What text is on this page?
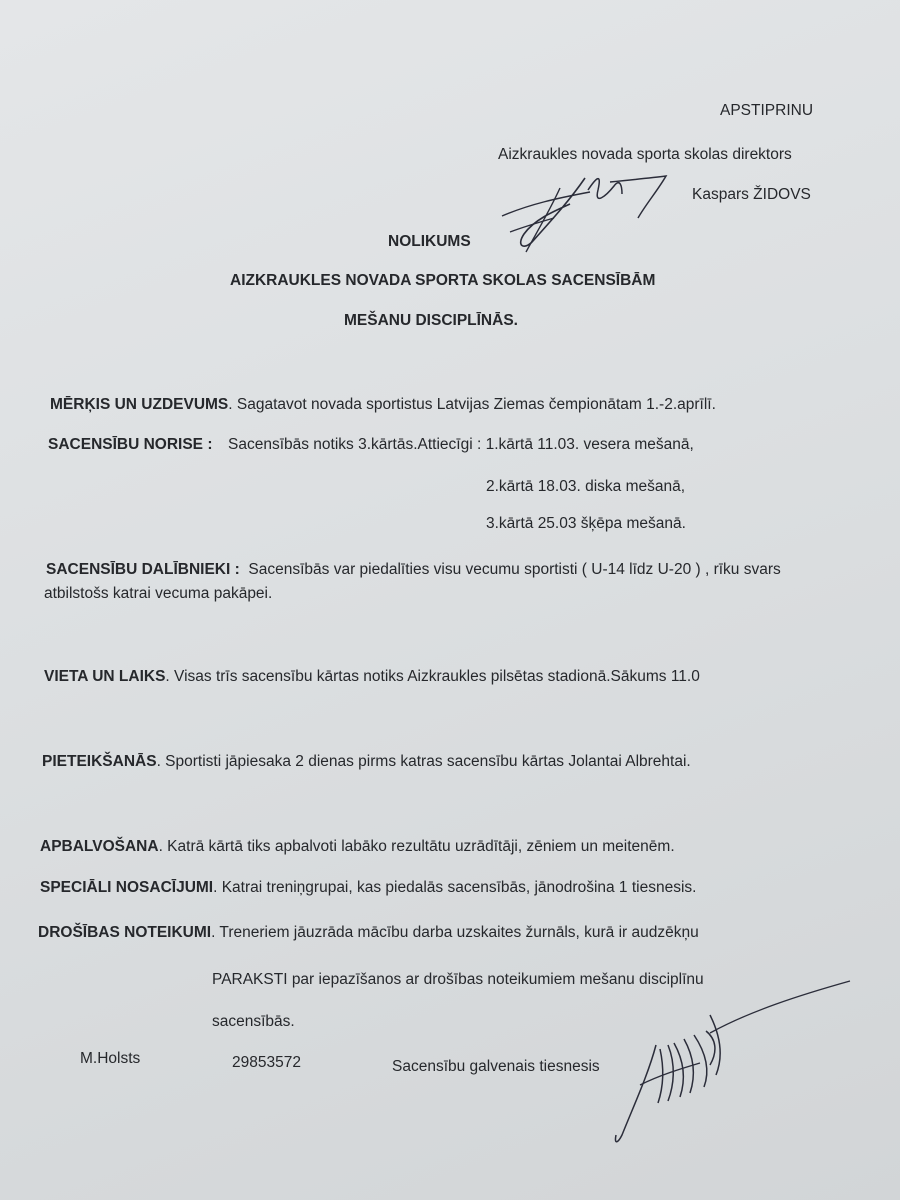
APSTIPRINU
Aizkraukles novada sporta skolas direktors
Kaspars ŽIDOVS
NOLIKUMS
AIZKRAUKLES NOVADA SPORTA SKOLAS SACENSĪBĀM
MEŠANU DISCIPLĪNĀS.
MĒRĶIS UN UZDEVUMS. Sagatavot novada sportistus Latvijas Ziemas čempionātam 1.-2.aprīlī.
SACENSĪBU NORISE : Sacensībās notiks 3.kārtās.Attiecīgi : 1.kārtā 11.03. vesera mešanā,
2.kārtā 18.03. diska mešanā,
3.kārtā 25.03 šķēpa mešanā.
SACENSĪBU DALĪBNIEKI : Sacensībās var piedalīties visu vecumu sportisti ( U-14 līdz U-20 ) , rīku svars
atbilstošs katrai vecuma pakāpei.
VIETA UN LAIKS. Visas trīs sacensību kārtas notiks Aizkraukles pilsētas stadionā.Sākums 11.0
PIETEIKŠANĀS. Sportisti jāpiesaka 2 dienas pirms katras sacensību kārtas Jolantai Albrehtai.
APBALVOŠANA. Katrā kārtā tiks apbalvoti labāko rezultātu uzrādītāji, zēniem un meitenēm.
SPECIĀLI NOSACĪJUMI. Katrai treniņgrupai, kas piedalās sacensībās, jānodrošina 1 tiesnesis.
DROŠĪBAS NOTEIKUMI. Treneriem jāuzrāda mācību darba uzskaites žurnāls, kurā ir audzēkņu
PARAKSTI par iepazīšanos ar drošības noteikumiem mešanu disciplīnu
sacensībās.
M.Holsts	29853572	Sacensību galvenais tiesnesis
